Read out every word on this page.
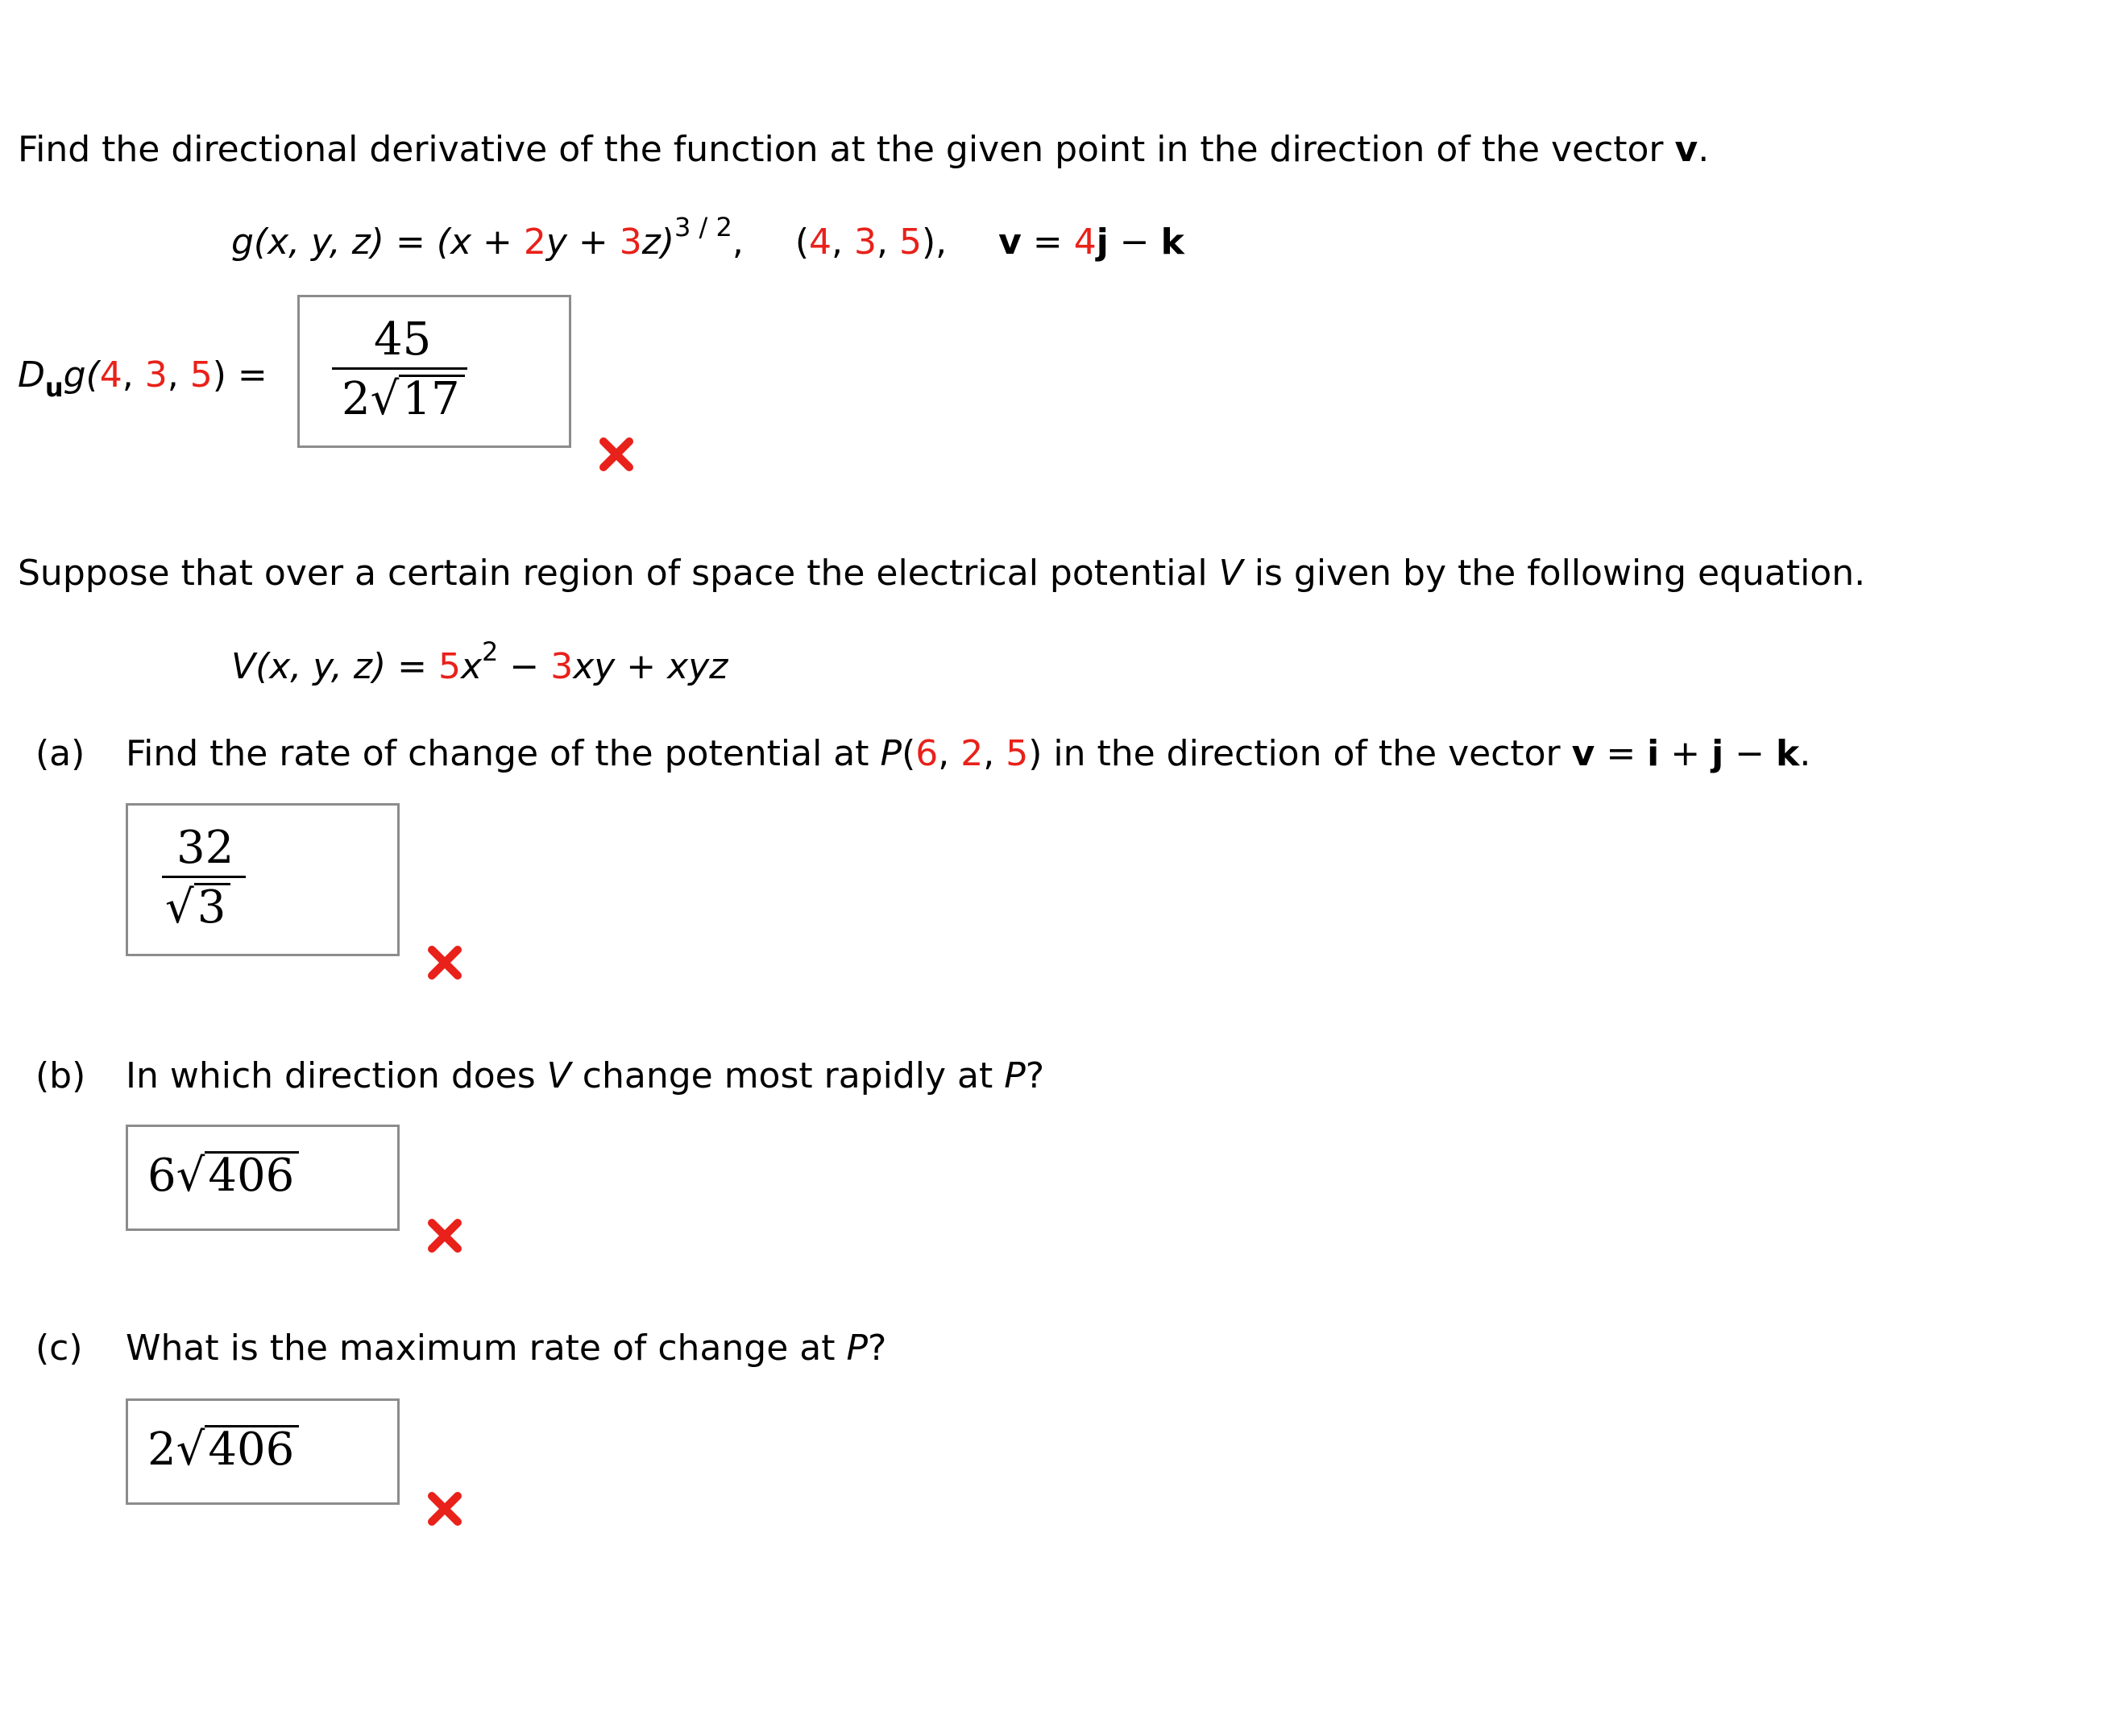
Find the directional derivative of the function at the given point in the direction of the vector v.
g(x, y, $z) = (x + 2y + 3z)^{3 / 2}$, (4, 3, 5), v = 4j − k
$D_ug(4$, 3, 5) =
45
2√17
Suppose that over a certain region of space the electrical potential V is given by the following equation.
V(x, y, $z) = 5x^2 - 3xy$ + xyz
(a) Find the rate of change of the potential at P(6, 2, 5) in the direction of the vector v = i + j − k.
32
√3
(b) In which direction does V change most rapidly at P?
6√406
(c) What is the maximum rate of change at P?
2√406
